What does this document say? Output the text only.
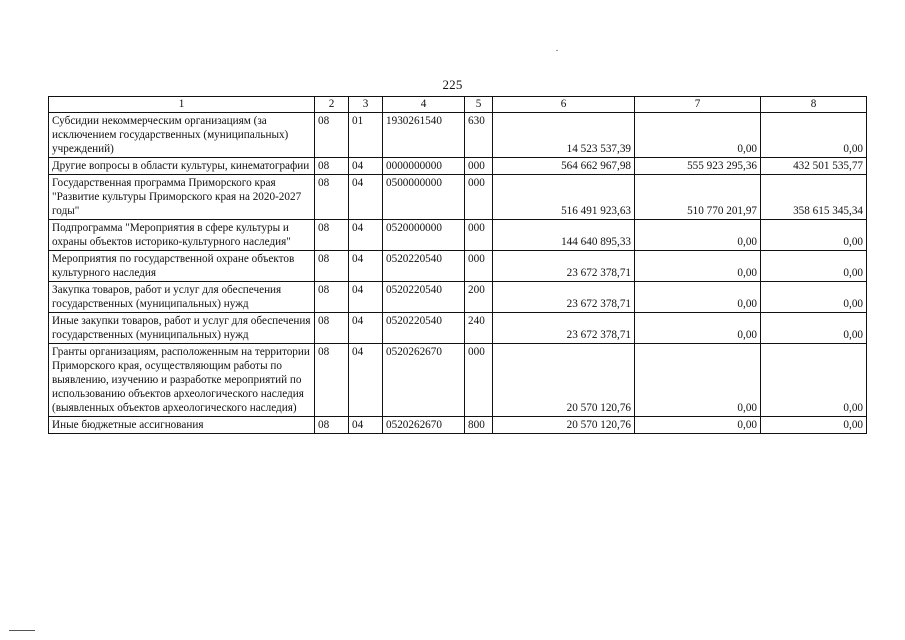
225
1	2	3	4	5	6	7	8
Субсидии некоммерческим организациям (за исключением государственных (муниципальных) учреждений)	08	01	1930261540	630	14 523 537,39	0,00	0,00
Другие вопросы в области культуры, кинематографии	08	04	0000000000	000	564 662 967,98	555 923 295,36	432 501 535,77
Государственная программа Приморского края "Развитие культуры Приморского края на 2020-2027 годы"	08	04	0500000000	000	516 491 923,63	510 770 201,97	358 615 345,34
Подпрограмма "Мероприятия в сфере культуры и охраны объектов историко-культурного наследия"	08	04	0520000000	000	144 640 895,33	0,00	0,00
Мероприятия по государственной охране объектов культурного наследия	08	04	0520220540	000	23 672 378,71	0,00	0,00
Закупка товаров, работ и услуг для обеспечения государственных (муниципальных) нужд	08	04	0520220540	200	23 672 378,71	0,00	0,00
Иные закупки товаров, работ и услуг для обеспечения государственных (муниципальных) нужд	08	04	0520220540	240	23 672 378,71	0,00	0,00
Гранты организациям, расположенным на территории Приморского края, осуществляющим работы по выявлению, изучению и разработке мероприятий по использованию объектов археологического наследия (выявленных объектов археологического наследия)	08	04	0520262670	000	20 570 120,76	0,00	0,00
Иные бюджетные ассигнования	08	04	0520262670	800	20 570 120,76	0,00	0,00
